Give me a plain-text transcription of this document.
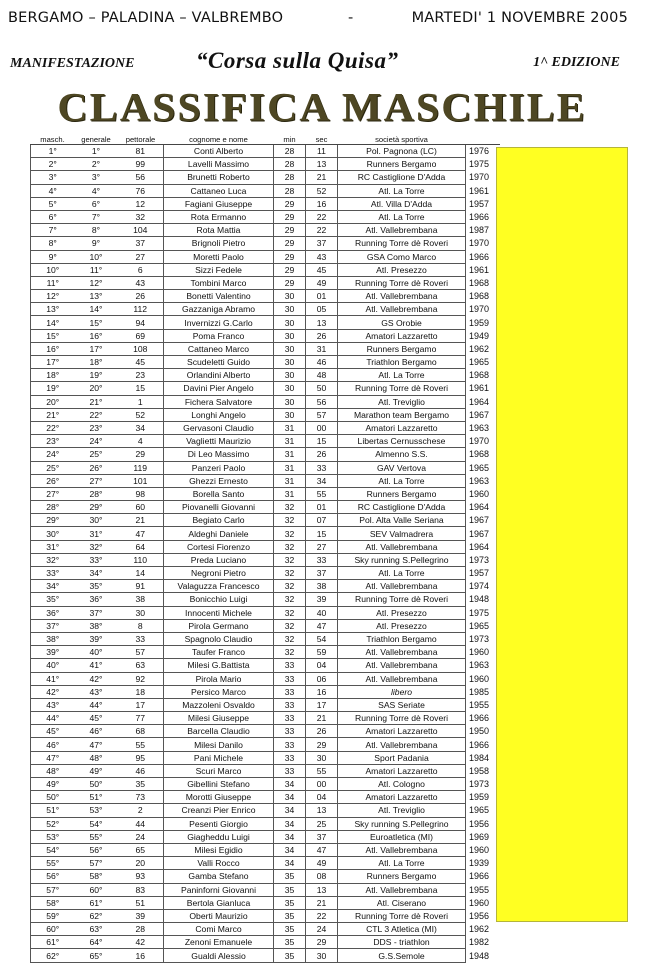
BERGAMO – PALADINA – VALBREMBO	-	MARTEDI' 1 NOVEMBRE 2005
MANIFESTAZIONE	“Corsa sulla Quisa”	1^ EDIZIONE
CLASSIFICA MASCHILE
masch.	generale	pettorale	cognome e nome	min	sec	società sportiva	
1°	1°	81	Conti Alberto	28	11	Pol. Pagnona (LC)	1976
2°	2°	99	Lavelli Massimo	28	13	Runners Bergamo	1975
3°	3°	56	Brunetti Roberto	28	21	RC Castiglione D'Adda	1970
4°	4°	76	Cattaneo Luca	28	52	Atl. La Torre	1961
5°	6°	12	Fagiani Giuseppe	29	16	Atl. Villa D'Adda	1957
6°	7°	32	Rota Ermanno	29	22	Atl. La Torre	1966
7°	8°	104	Rota Mattia	29	22	Atl. Vallebrembana	1987
8°	9°	37	Brignoli Pietro	29	37	Running Torre dè Roveri	1970
9°	10°	27	Moretti Paolo	29	43	GSA Como Marco	1966
10°	11°	6	Sizzi Fedele	29	45	Atl. Presezzo	1961
11°	12°	43	Tombini Marco	29	49	Running Torre dè Roveri	1968
12°	13°	26	Bonetti Valentino	30	01	Atl. Vallebrembana	1968
13°	14°	112	Gazzaniga Abramo	30	05	Atl. Vallebrembana	1970
14°	15°	94	Invernizzi G.Carlo	30	13	GS Orobie	1959
15°	16°	69	Poma Franco	30	26	Amatori Lazzaretto	1949
16°	17°	108	Cattaneo Marco	30	31	Runners Bergamo	1962
17°	18°	45	Scudeletti Guido	30	46	Triathlon Bergamo	1965
18°	19°	23	Orlandini Alberto	30	48	Atl. La Torre	1968
19°	20°	15	Davini Pier Angelo	30	50	Running Torre dè Roveri	1961
20°	21°	1	Fichera Salvatore	30	56	Atl. Treviglio	1964
21°	22°	52	Longhi Angelo	30	57	Marathon team Bergamo	1967
22°	23°	34	Gervasoni Claudio	31	00	Amatori Lazzaretto	1963
23°	24°	4	Vaglietti Maurizio	31	15	Libertas Cernusschese	1970
24°	25°	29	Di Leo Massimo	31	26	Almenno S.S.	1968
25°	26°	119	Panzeri Paolo	31	33	GAV Vertova	1965
26°	27°	101	Ghezzi Ernesto	31	34	Atl. La Torre	1963
27°	28°	98	Borella Santo	31	55	Runners Bergamo	1960
28°	29°	60	Piovanelli Giovanni	32	01	RC Castiglione D'Adda	1964
29°	30°	21	Begiato Carlo	32	07	Pol. Alta Valle Seriana	1967
30°	31°	47	Aldeghi Daniele	32	15	SEV Valmadrera	1967
31°	32°	64	Cortesi Fiorenzo	32	27	Atl. Vallebrembana	1964
32°	33°	110	Preda Luciano	32	33	Sky running S.Pellegrino	1973
33°	34°	14	Negroni Pietro	32	37	Atl. La Torre	1957
34°	35°	91	Valaguzza Francesco	32	38	Atl. Vallebrembana	1974
35°	36°	38	Bonicchio Luigi	32	39	Running Torre dè Roveri	1948
36°	37°	30	Innocenti Michele	32	40	Atl. Presezzo	1975
37°	38°	8	Pirola Germano	32	47	Atl. Presezzo	1965
38°	39°	33	Spagnolo Claudio	32	54	Triathlon Bergamo	1973
39°	40°	57	Taufer Franco	32	59	Atl. Vallebrembana	1960
40°	41°	63	Milesi G.Battista	33	04	Atl. Vallebrembana	1963
41°	42°	92	Pirola Mario	33	06	Atl. Vallebrembana	1960
42°	43°	18	Persico Marco	33	16	libero	1985
43°	44°	17	Mazzoleni Osvaldo	33	17	SAS Seriate	1955
44°	45°	77	Milesi Giuseppe	33	21	Running Torre dè Roveri	1966
45°	46°	68	Barcella Claudio	33	26	Amatori Lazzaretto	1950
46°	47°	55	Milesi Danilo	33	29	Atl. Vallebrembana	1966
47°	48°	95	Pani Michele	33	30	Sport Padania	1984
48°	49°	46	Scuri Marco	33	55	Amatori Lazzaretto	1958
49°	50°	35	Gibellini Stefano	34	00	Atl. Cologno	1973
50°	51°	73	Morotti Giuseppe	34	04	Amatori Lazzaretto	1959
51°	53°	2	Creanzi Pier Enrico	34	13	Atl. Treviglio	1965
52°	54°	44	Pesenti Giorgio	34	25	Sky running S.Pellegrino	1956
53°	55°	24	Giagheddu Luigi	34	37	Euroatletica (MI)	1969
54°	56°	65	Milesi Egidio	34	47	Atl. Vallebrembana	1960
55°	57°	20	Valli Rocco	34	49	Atl. La Torre	1939
56°	58°	93	Gamba Stefano	35	08	Runners Bergamo	1966
57°	60°	83	Paninforni Giovanni	35	13	Atl. Vallebrembana	1955
58°	61°	51	Bertola Gianluca	35	21	Atl. Ciserano	1960
59°	62°	39	Oberti Maurizio	35	22	Running Torre dè Roveri	1956
60°	63°	28	Comi Marco	35	24	CTL 3 Atletica (MI)	1962
61°	64°	42	Zenoni Emanuele	35	29	DDS - triathlon	1982
62°	65°	16	Gualdi Alessio	35	30	G.S.Semole	1948
